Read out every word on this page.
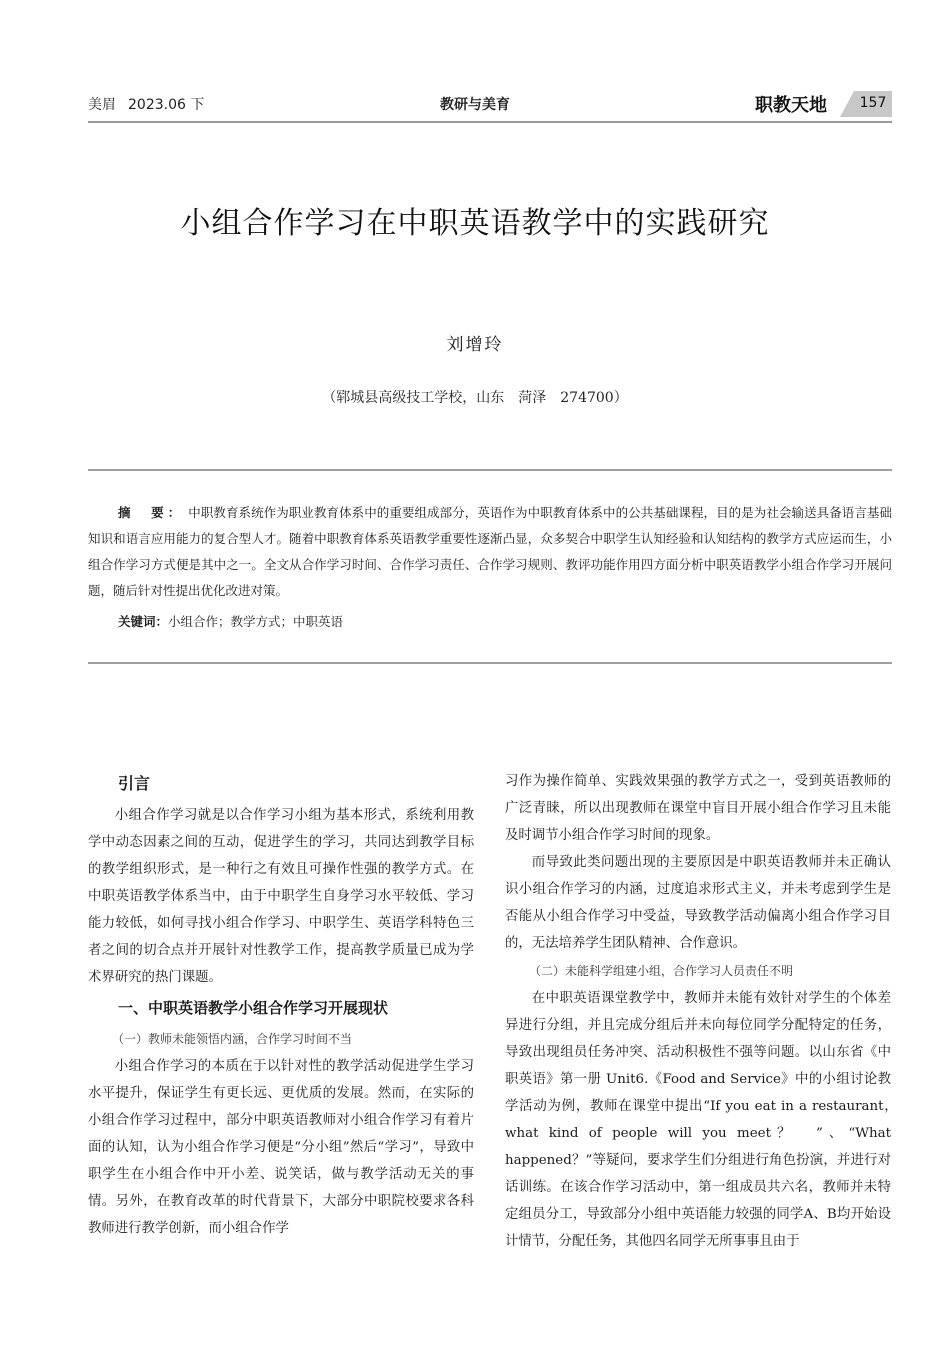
美眉 2023.06 下	教研与美育	职教天地	157
小组合作学习在中职英语教学中的实践研究
刘增玲
（郓城县高级技工学校，山东　菏泽　274700）
摘　要： 中职教育系统作为职业教育体系中的重要组成部分，英语作为中职教育体系中的公共基础课程，目的是为社会输送具备语言基础知识和语言应用能力的复合型人才。随着中职教育体系英语教学重要性逐渐凸显，众多契合中职学生认知经验和认知结构的教学方式应运而生，小组合作学习方式便是其中之一。全文从合作学习时间、合作学习责任、合作学习规则、教评功能作用四方面分析中职英语教学小组合作学习开展问题，随后针对性提出优化改进对策。
关键词：小组合作；教学方式；中职英语
引言

小组合作学习就是以合作学习小组为基本形式，系统利用教学中动态因素之间的互动，促进学生的学习，共同达到教学目标的教学组织形式，是一种行之有效且可操作性强的教学方式。在中职英语教学体系当中，由于中职学生自身学习水平较低、学习能力较低，如何寻找小组合作学习、中职学生、英语学科特色三者之间的切合点并开展针对性教学工作，提高教学质量已成为学术界研究的热门课题。

一、中职英语教学小组合作学习开展现状

（一）教师未能领悟内涵，合作学习时间不当

小组合作学习的本质在于以针对性的教学活动促进学生学习水平提升，保证学生有更长远、更优质的发展。然而，在实际的小组合作学习过程中，部分中职英语教师对小组合作学习有着片面的认知，认为小组合作学习便是“分小组”然后“学习”，导致中职学生在小组合作中开小差、说笑话，做与教学活动无关的事情。另外，在教育改革的时代背景下，大部分中职院校要求各科教师进行教学创新，而小组合作学

习作为操作简单、实践效果强的教学方式之一，受到英语教师的广泛青睐，所以出现教师在课堂中盲目开展小组合作学习且未能及时调节小组合作学习时间的现象。

而导致此类问题出现的主要原因是中职英语教师并未正确认识小组合作学习的内涵，过度追求形式主义，并未考虑到学生是否能从小组合作学习中受益，导致教学活动偏离小组合作学习目的，无法培养学生团队精神、合作意识。

（二）未能科学组建小组，合作学习人员责任不明

在中职英语课堂教学中，教师并未能有效针对学生的个体差异进行分组，并且完成分组后并未向每位同学分配特定的任务，导致出现组员任务冲突、活动积极性不强等问题。以山东省《中职英语》第一册 Unit6.《Food and Service》中的小组讨论教学活动为例，教师在课堂中提出“If you eat in a restaurant，　what kind of people will you meet？　”、“What happened？”等疑问，要求学生们分组进行角色扮演，并进行对话训练。在该合作学习活动中，第一组成员共六名，教师并未特定组员分工，导致部分小组中英语能力较强的同学A、B均开始设计情节，分配任务，其他四名同学无所事事且由于
